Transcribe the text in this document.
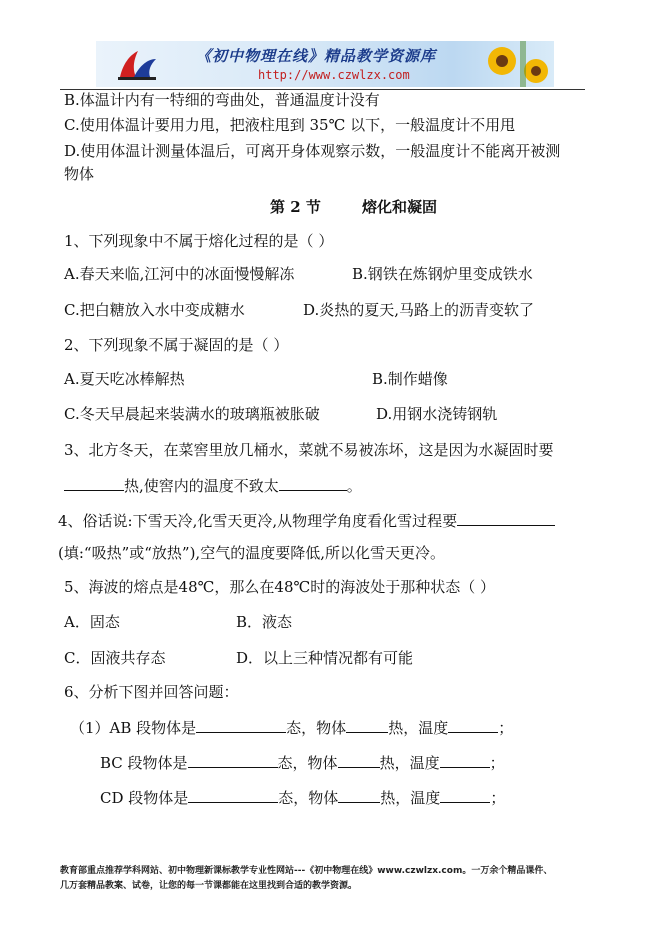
《初中物理在线》精品教学资源库
http://www.czwlzx.com
B.体温计内有一特细的弯曲处，普通温度计没有
C.使用体温计要用力甩，把液柱甩到 35℃ 以下，一般温度计不用甩
D.使用体温计测量体温后，可离开身体观察示数，一般温度计不能离开被测
物体
第 2 节	熔化和凝固
1、下列现象中不属于熔化过程的是（ ）
A.春天来临,江河中的冰面慢慢解冻	B.钢铁在炼钢炉里变成铁水
C.把白糖放入水中变成糖水	D.炎热的夏天,马路上的沥青变软了
2、下列现象不属于凝固的是（ ）
A.夏天吃冰棒解热	B.制作蜡像
C.冬天早晨起来装满水的玻璃瓶被胀破	D.用钢水浇铸钢轨
3、北方冬天，在菜窖里放几桶水，菜就不易被冻坏，这是因为水凝固时要
热,使窖内的温度不致太	。
4、俗话说:下雪天冷,化雪天更冷,从物理学角度看化雪过程要
(填:“吸热”或“放热”),空气的温度要降低,所以化雪天更冷。
5、海波的熔点是48℃，那么在48℃时的海波处于那种状态（ ）
A．固态	B．液态
C．固液共存态	D．以上三种情况都有可能
6、分析下图并回答问题：
（1）AB 段物体是	态，物体	热，温度	；
BC 段物体是	态，物体	热，温度	；
CD 段物体是	态，物体	热，温度	；
教育部重点推荐学科网站、初中物理新课标教学专业性网站---《初中物理在线》www.czwlzx.com。一万余个精品课件、
几万套精品教案、试卷，让您的每一节课都能在这里找到合适的教学资源。
